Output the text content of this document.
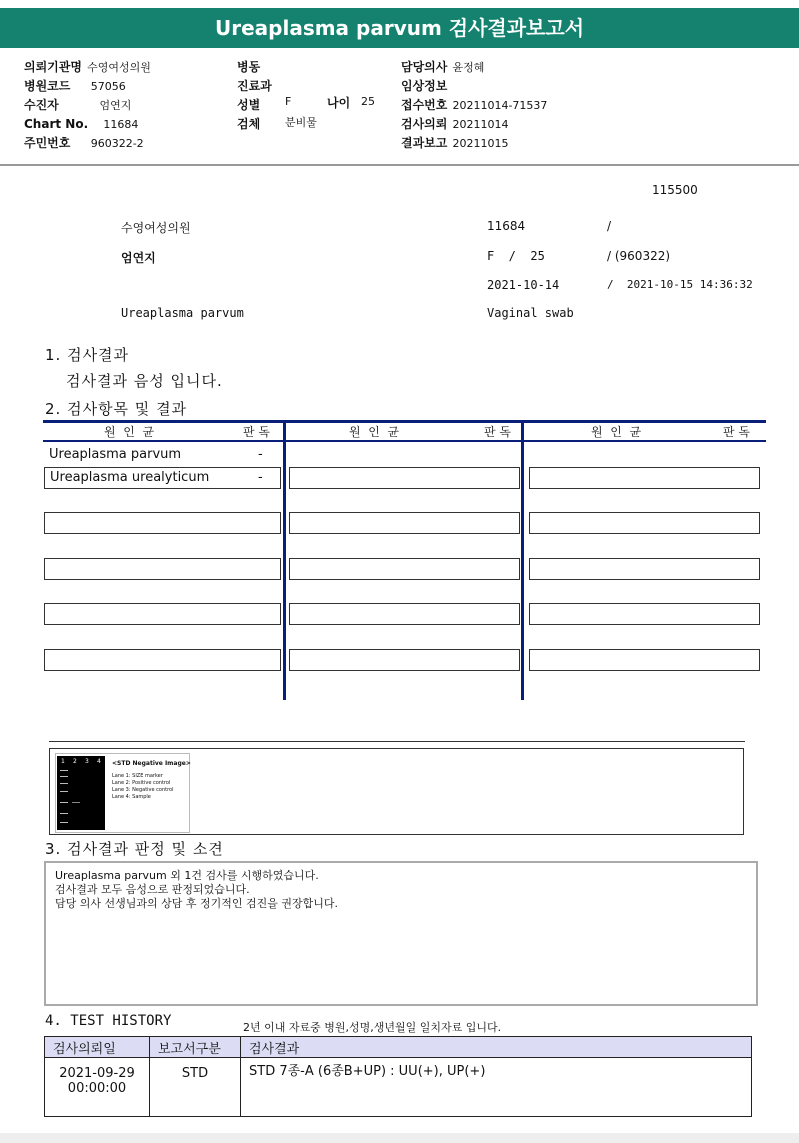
Ureaplasma parvum 검사결과보고서
의뢰기관명 수영여성의원
병원코드 57056
수진자	엄연지
Chart No. 11684
주민번호 960322-2
병동
진료과
성별 F	나이 25
검체 분비물
담당의사 윤정혜
임상정보
접수번호 20211014-71537
검사의뢰 20211014
결과보고 20211015
115500
수영여성의원	11684	/
엄연지	F  /  25	/ (960322)
2021-10-14	/  2021-10-15 14:36:32
Ureaplasma parvum	Vaginal swab
1. 검사결과
검사결과 음성 입니다.
2. 검사항목 및 결과
원  인  균	판 독	원  인  균	판 독	원  인  균	판 독
Ureaplasma parvum	-
Ureaplasma urealyticum	-
1 2 3 4 <STD Negative Image>
Lane 1: SIZE marker
Lane 2: Positive control
Lane 3: Negative control
Lane 4: Sample
3. 검사결과 판정 및 소견
Ureaplasma parvum 외 1건 검사를 시행하였습니다.
검사결과 모두 음성으로 판정되었습니다.
담당 의사 선생님과의 상담 후 정기적인 검진을 권장합니다.
4. TEST HISTORY	2년 이내 자료중 병원,성명,생년월일 일치자료 입니다.
검사의뢰일	보고서구분	검사결과

2021-09-29
00:00:00	STD	STD 7종-A (6종B+UP) : UU(+), UP(+)
